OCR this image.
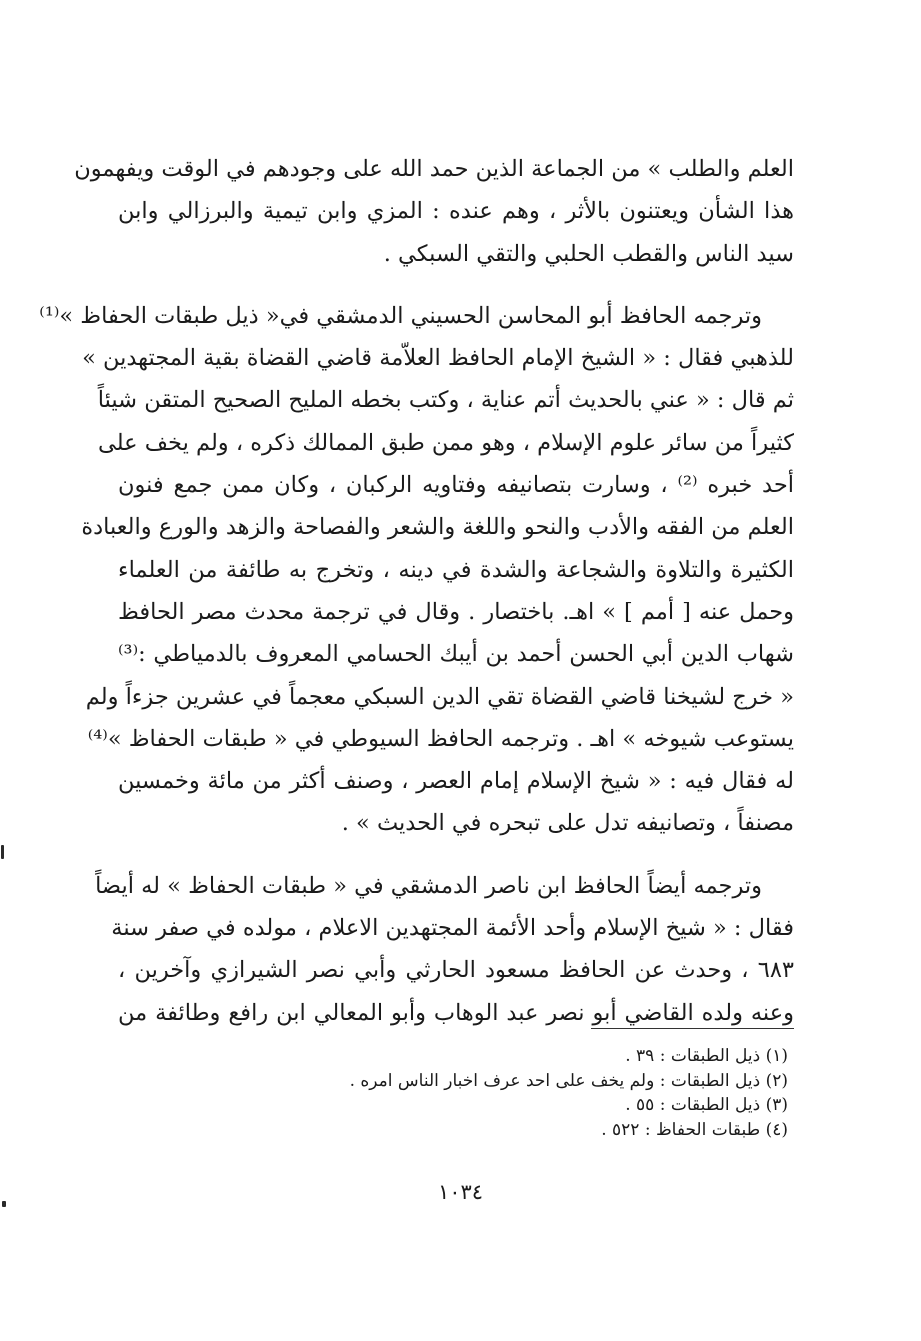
العلم والطلب » من الجماعة الذين حمد الله على وجودهم في الوقت ويفهمون
هذا الشأن ويعتنون بالأثر ، وهم عنده : المزي وابن تيمية والبرزالي وابن
سيد الناس والقطب الحلبي والتقي السبكي .

وترجمه الحافظ أبو المحاسن الحسيني الدمشقي في« ذيل طبقات الحفاظ »⁽¹⁾
للذهبي فقال : « الشيخ الإمام الحافظ العلاّمة قاضي القضاة بقية المجتهدين »
ثم قال : « عني بالحديث أتم عناية ، وكتب بخطه المليح الصحيح المتقن شيئاً
كثيراً من سائر علوم الإسلام ، وهو ممن طبق الممالك ذكره ، ولم يخف على
أحد خبره ⁽²⁾ ، وسارت بتصانيفه وفتاويه الركبان ، وكان ممن جمع فنون
العلم من الفقه والأدب والنحو واللغة والشعر والفصاحة والزهد والورع والعبادة
الكثيرة والتلاوة والشجاعة والشدة في دينه ، وتخرج به طائفة من العلماء
وحمل عنه [ أمم ] » اهـ. باختصار . وقال في ترجمة محدث مصر الحافظ
شهاب الدين أبي الحسن أحمد بن أيبك الحسامي المعروف بالدمياطي :⁽³⁾
« خرج لشيخنا قاضي القضاة تقي الدين السبكي معجماً في عشرين جزءاً ولم
يستوعب شيوخه » اهـ . وترجمه الحافظ السيوطي في « طبقات الحفاظ »⁽⁴⁾
له فقال فيه : « شيخ الإسلام إمام العصر ، وصنف أكثر من مائة وخمسين
مصنفاً ، وتصانيفه تدل على تبحره في الحديث » .

وترجمه أيضاً الحافظ ابن ناصر الدمشقي في « طبقات الحفاظ » له أيضاً
فقال : « شيخ الإسلام وأحد الأئمة المجتهدين الاعلام ، مولده في صفر سنة
٦٨٣ ، وحدث عن الحافظ مسعود الحارثي وأبي نصر الشيرازي وآخرين ،
وعنه ولده القاضي أبو نصر عبد الوهاب وأبو المعالي ابن رافع وطائفة من

(١) ذيل الطبقات : ٣٩ .
(٢) ذيل الطبقات : ولم يخف على احد عرف اخبار الناس امره .
(٣) ذيل الطبقات : ٥٥ .
(٤) طبقات الحفاظ : ٥٢٢ .
١٠٣٤
